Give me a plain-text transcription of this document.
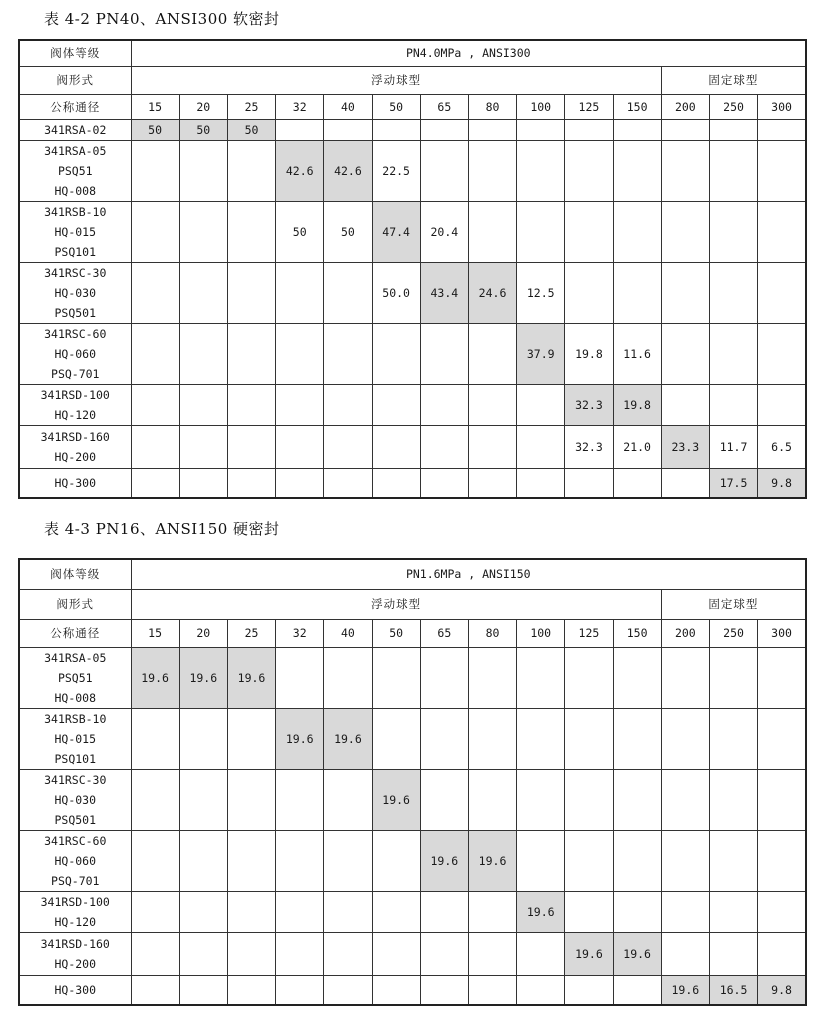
表 4-2 PN40、ANSI300 软密封
阀体等级	PN4.0MPa , ANSI300													
阀形式	浮动球型											固定球型		
公称通径	15	20	25	32	40	50	65	80	100	125	150	200	250	300

341RSA-02	50	50	50											

341RSA-05
PSQ51
HQ-008				42.6	42.6	22.5								

341RSB-10
HQ-015
PSQ101				50	50	47.4	20.4							

341RSC-30
HQ-030
PSQ501						50.0	43.4	24.6	12.5					

341RSC-60
HQ-060
PSQ-701									37.9	19.8	11.6			

341RSD-100
HQ-120										32.3	19.8			

341RSD-160
HQ-200										32.3	21.0	23.3	11.7	6.5

HQ-300													17.5	9.8
表 4-3 PN16、ANSI150 硬密封
阀体等级	PN1.6MPa , ANSI150													
阀形式	浮动球型											固定球型		
公称通径	15	20	25	32	40	50	65	80	100	125	150	200	250	300

341RSA-05
PSQ51
HQ-008	19.6	19.6	19.6											

341RSB-10
HQ-015
PSQ101				19.6	19.6									

341RSC-30
HQ-030
PSQ501						19.6								

341RSC-60
HQ-060
PSQ-701							19.6	19.6						

341RSD-100
HQ-120									19.6					

341RSD-160
HQ-200										19.6	19.6			

HQ-300												19.6	16.5	9.8
